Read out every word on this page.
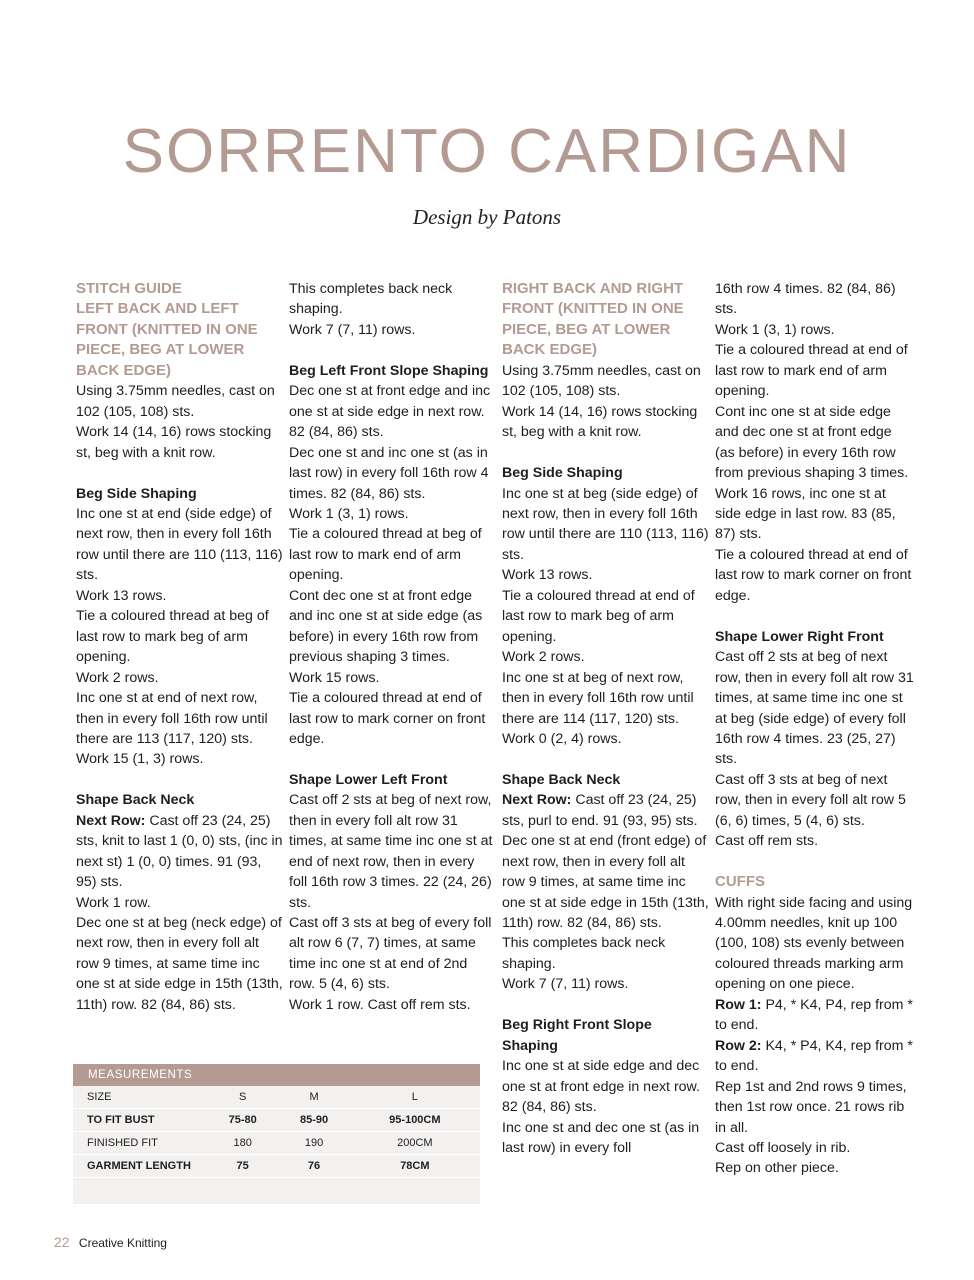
SORRENTO CARDIGAN

Design by Patons

STITCH GUIDE

LEFT BACK AND LEFT FRONT (KNITTED IN ONE PIECE, BEG AT LOWER BACK EDGE)

Using 3.75mm needles, cast on 102 (105, 108) sts.

Work 14 (14, 16) rows stocking st, beg with a knit row.

Beg Side Shaping

Inc one st at end (side edge) of next row, then in every foll 16th row until there are 110 (113, 116) sts.

Work 13 rows.

Tie a coloured thread at beg of last row to mark beg of arm opening.

Work 2 rows.

Inc one st at end of next row, then in every foll 16th row until there are 113 (117, 120) sts.

Work 15 (1, 3) rows.

Shape Back Neck

Next Row: Cast off 23 (24, 25) sts, knit to last 1 (0, 0) sts, (inc in next st) 1 (0, 0) times. 91 (93, 95) sts.

Work 1 row.

Dec one st at beg (neck edge) of next row, then in every foll alt row 9 times, at same time inc one st at side edge in 15th (13th, 11th) row. 82 (84, 86) sts.

This completes back neck shaping.

Work 7 (7, 11) rows.

Beg Left Front Slope Shaping

Dec one st at front edge and inc one st at side edge in next row. 82 (84, 86) sts.

Dec one st and inc one st (as in last row) in every foll 16th row 4 times. 82 (84, 86) sts.

Work 1 (3, 1) rows.

Tie a coloured thread at beg of last row to mark end of arm opening.

Cont dec one st at front edge and inc one st at side edge (as before) in every 16th row from previous shaping 3 times.

Work 15 rows.

Tie a coloured thread at end of last row to mark corner on front edge.

Shape Lower Left Front

Cast off 2 sts at beg of next row, then in every foll alt row 31 times, at same time inc one st at end of next row, then in every foll 16th row 3 times. 22 (24, 26) sts.

Cast off 3 sts at beg of every foll alt row 6 (7, 7) times, at same time inc one st at end of 2nd row. 5 (4, 6) sts.

Work 1 row. Cast off rem sts.

RIGHT BACK AND RIGHT FRONT (KNITTED IN ONE PIECE, BEG AT LOWER BACK EDGE)

Using 3.75mm needles, cast on 102 (105, 108) sts.

Work 14 (14, 16) rows stocking st, beg with a knit row.

Beg Side Shaping

Inc one st at beg (side edge) of next row, then in every foll 16th row until there are 110 (113, 116) sts.

Work 13 rows.

Tie a coloured thread at end of last row to mark beg of arm opening.

Work 2 rows.

Inc one st at beg of next row, then in every foll 16th row until there are 114 (117, 120) sts.

Work 0 (2, 4) rows.

Shape Back Neck

Next Row: Cast off 23 (24, 25) sts, purl to end. 91 (93, 95) sts.

Dec one st at end (front edge) of next row, then in every foll alt row 9 times, at same time inc one st at side edge in 15th (13th, 11th) row. 82 (84, 86) sts.

This completes back neck shaping.

Work 7 (7, 11) rows.

Beg Right Front Slope Shaping

Inc one st at side edge and dec one st at front edge in next row. 82 (84, 86) sts.

Inc one st and dec one st (as in last row) in every foll

16th row 4 times. 82 (84, 86) sts.

Work 1 (3, 1) rows.

Tie a coloured thread at end of last row to mark end of arm opening.

Cont inc one st at side edge and dec one st at front edge (as before) in every 16th row from previous shaping 3 times.

Work 16 rows, inc one st at side edge in last row. 83 (85, 87) sts.

Tie a coloured thread at end of last row to mark corner on front edge.

Shape Lower Right Front

Cast off 2 sts at beg of next row, then in every foll alt row 31 times, at same time inc one st at beg (side edge) of every foll 16th row 4 times. 23 (25, 27) sts.

Cast off 3 sts at beg of next row, then in every foll alt row 5 (6, 6) times, 5 (4, 6) sts.

Cast off rem sts.

CUFFS

With right side facing and using 4.00mm needles, knit up 100 (100, 108) sts evenly between coloured threads marking arm opening on one piece.

Row 1: P4, * K4, P4, rep from * to end.

Row 2: K4, * P4, K4, rep from * to end.

Rep 1st and 2nd rows 9 times, then 1st row once. 21 rows rib in all.

Cast off loosely in rib.

Rep on other piece.

MEASUREMENTS
SIZE	S	M	L
TO FIT BUST	75-80	85-90	95-100CM
FINISHED FIT	180	190	200CM
GARMENT LENGTH	75	76	78CM
22 Creative Knitting
